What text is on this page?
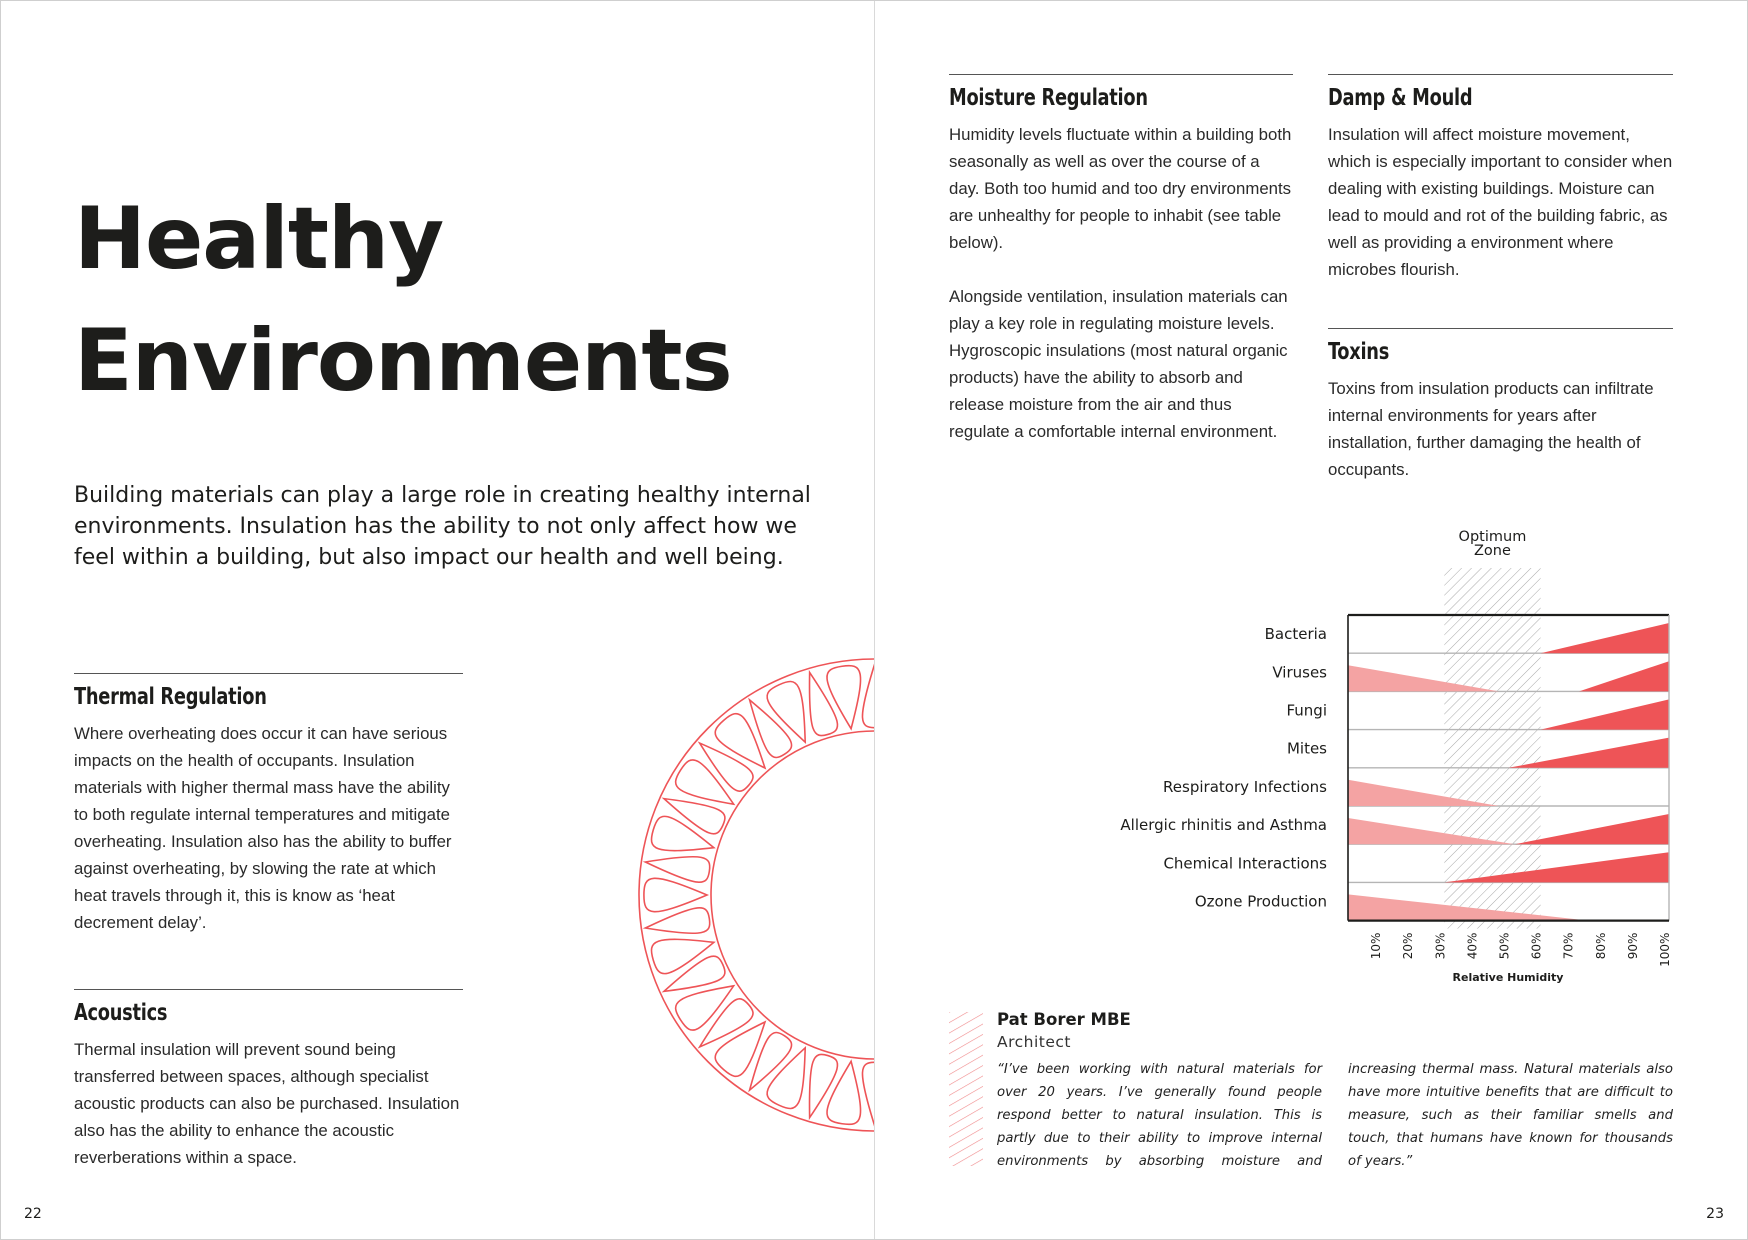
Healthy
Environments

Building materials can play a large role in creating healthy internal environments. Insulation has the ability to not only affect how we feel within a building, but also impact our health and well being.

Thermal Regulation

Where overheating does occur it can have serious impacts on the health of occupants. Insulation materials with higher thermal mass have the ability to both regulate internal temperatures and mitigate overheating. Insulation also has the ability to buffer against overheating, by slowing the rate at which heat travels through it, this is know as ‘heat decrement delay’.

Acoustics

Thermal insulation will prevent sound being transferred between spaces, although specialist acoustic products can also be purchased. Insulation also has the ability to enhance the acoustic reverberations within a space.

22
Moisture Regulation

Humidity levels fluctuate within a building both seasonally as well as over the course of a day. Both too humid and too dry environments are unhealthy for people to inhabit (see table below).

Alongside ventilation, insulation materials can play a key role in regulating moisture levels. Hygroscopic insulations (most natural organic products) have the ability to absorb and release moisture from the air and thus regulate a comfortable internal environment.

Damp & Mould

Insulation will affect moisture movement, which is especially important to consider when dealing with existing buildings. Moisture can lead to mould and rot of the building fabric, as well as providing a environment where microbes flourish.

Toxins

Toxins from insulation products can infiltrate internal environments for years after installation, further damaging the health of occupants.

23
Optimum
Zone
Bacteria
Viruses
Fungi
Mites
Respiratory Infections
Allergic rhinitis and Asthma
Chemical Interactions
Ozone Production
10% 20% 30% 40% 50% 60% 70% 80% 90% 100%
Relative Humidity

Pat Borer MBE

Architect

“I’ve been working with natural materials for over 20 years. I’ve generally found people respond better to natural insulation. This is partly due to their ability to improve internal environments by absorbing moisture and increasing thermal mass. Natural materials also have more intuitive benefits that are difficult to measure, such as their familiar smells and touch, that humans have known for thousands of years.”
